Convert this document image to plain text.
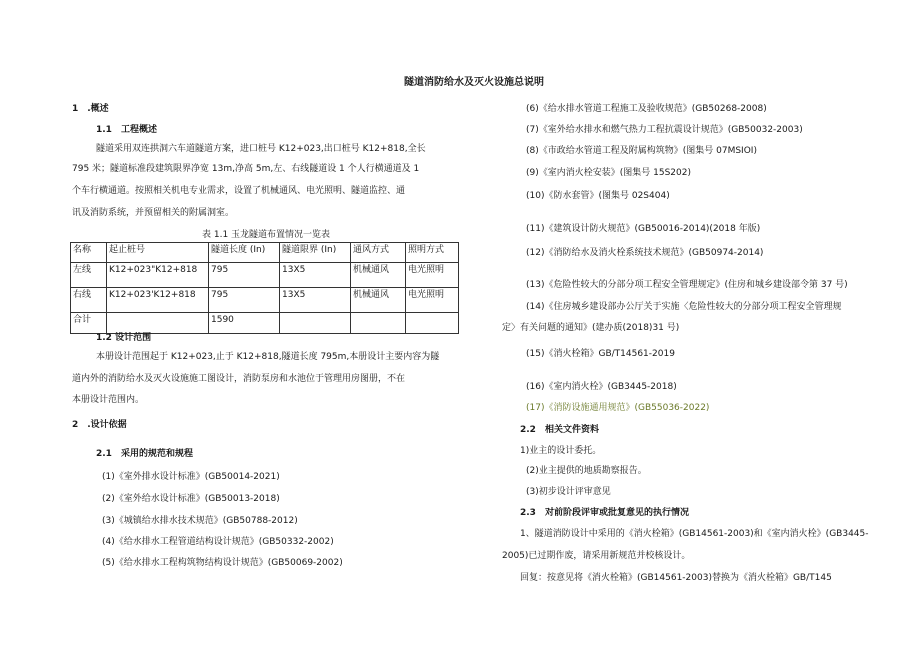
隧道消防给水及灭火设施总说明
1　.概述
1.1　工程概述
隧道采用双连拱洞六车道隧道方案，进口桩号 K12+023,出口桩号 K12+818,全长
795 米；隧道标准段建筑限界净宽 13m,净高 5m,左、右线隧道设 1 个人行横通道及 1
个车行横通道。按照相关机电专业需求，设置了机械通风、电光照明、隧道监控、通
讯及消防系统，并预留相关的附属洞室。
表 1.1 玉龙隧道布置情况一览表
名称	起止桩号	隧道长度 (In)	隧道限界 (In)	通风方式	照明方式
左线	K12+023"K12+818	795	13X5	机械通风	电光照明
右线	K12+023'K12+818	795	13X5	机械通风	电光照明
合计		1590			
1.2 设计范围
本册设计范围起于 K12+023,止于 K12+818,隧道长度 795m,本册设计主要内容为隧
道内外的消防给水及灭火设施施工图设计，消防泵房和水池位于管理用房图册，不在
本册设计范围内。
2　.设计依据
2.1　采用的规范和规程
(1)《室外排水设计标准》(GB50014-2021)
(2)《室外给水设计标准》(GB50013-2018)
(3)《城镇给水排水技术规范》(GB50788-2012)
(4)《给水排水工程管道结构设计规范》(GB50332-2002)
(5)《给水排水工程构筑物结构设计规范》(GB50069-2002)
(6)《给水排水管道工程施工及验收规范》(GB50268-2008)
(7)《室外给水排水和燃气热力工程抗震设计规范》(GB50032-2003)
(8)《市政给水管道工程及附属构筑物》(图集号 07MSIOI)
(9)《室内消火栓安装》(图集号 15S202)
(10)《防水套管》(图集号 02S404)
(11)《建筑设计防火规范》(GB50016-2014)(2018 年版)
(12)《消防给水及消火栓系统技术规范》(GB50974-2014)
(13)《危险性较大的分部分项工程安全管理规定》(住房和城乡建设部令第 37 号)
(14)《住房城乡建设部办公厅关于实施〈危险性较大的分部分项工程安全管理规
定〉有关问题的通知》(建办质(2018)31 号)
(15)《消火栓箱》GB/T14561-2019
(16)《室内消火栓》(GB3445-2018)
(17)《消防设施通用规范》(GB55036-2022)
2.2　相关文件资料
1)业主的设计委托。
(2)业主提供的地质勘察报告。
(3)初步设计评审意见
2.3　对前阶段评审或批复意见的执行情况
1、隧道消防设计中采用的《消火栓箱》(GB14561-2003)和《室内消火栓》(GB3445-
2005)已过期作废，请采用新规范并校核设计。
回复：按意见将《消火栓箱》(GB14561-2003)替换为《消火栓箱》GB/T145
